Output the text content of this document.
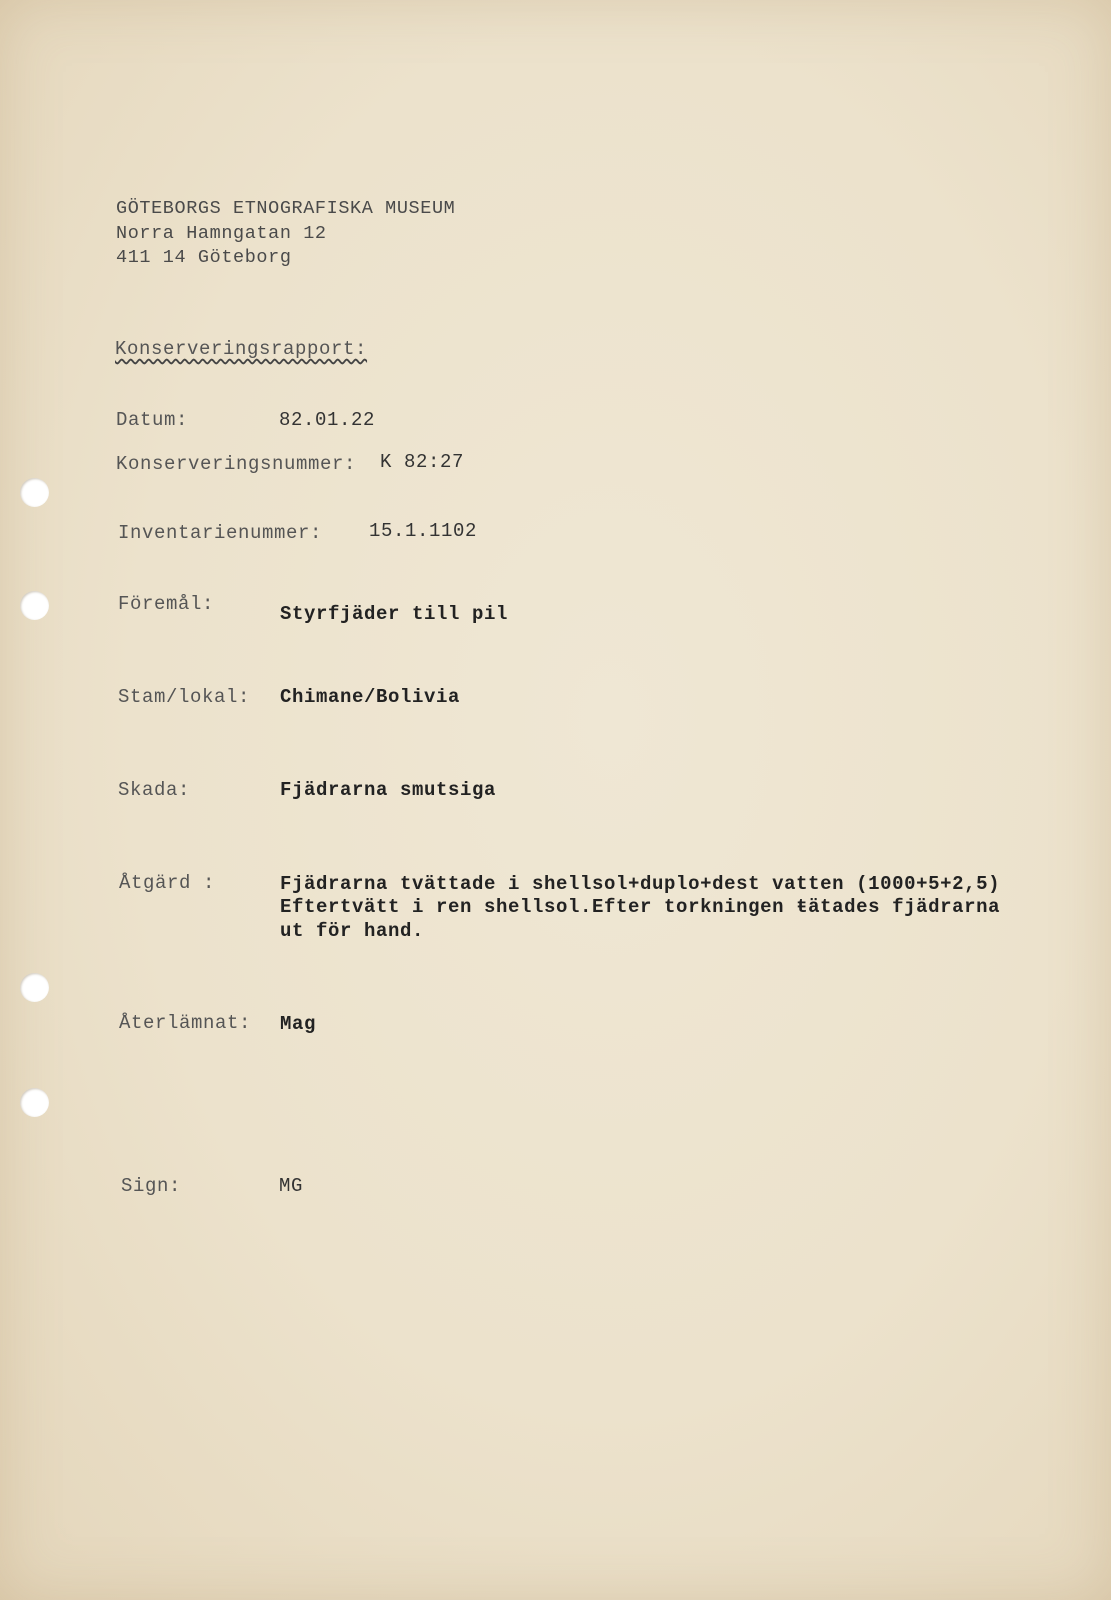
GÖTEBORGS ETNOGRAFISKA MUSEUM
Norra Hamngatan 12
411 14 Göteborg
Konserveringsrapport:
Datum:	82.01.22
Konserveringsnummer: K 82:27
Inventarienummer: 15.1.1102
Föremål:	Styrfjäder till pil
Stam/lokal: Chimane/Bolivia
Skada:	Fjädrarna smutsiga
Åtgärd :	Fjädrarna tvättade i shellsol+duplo+dest vatten (1000+5+2,5)
Eftertvätt i ren shellsol.Efter torkningen ŧätades fjädrarna
ut för hand.
Återlämnat: Mag
Sign:	MG
